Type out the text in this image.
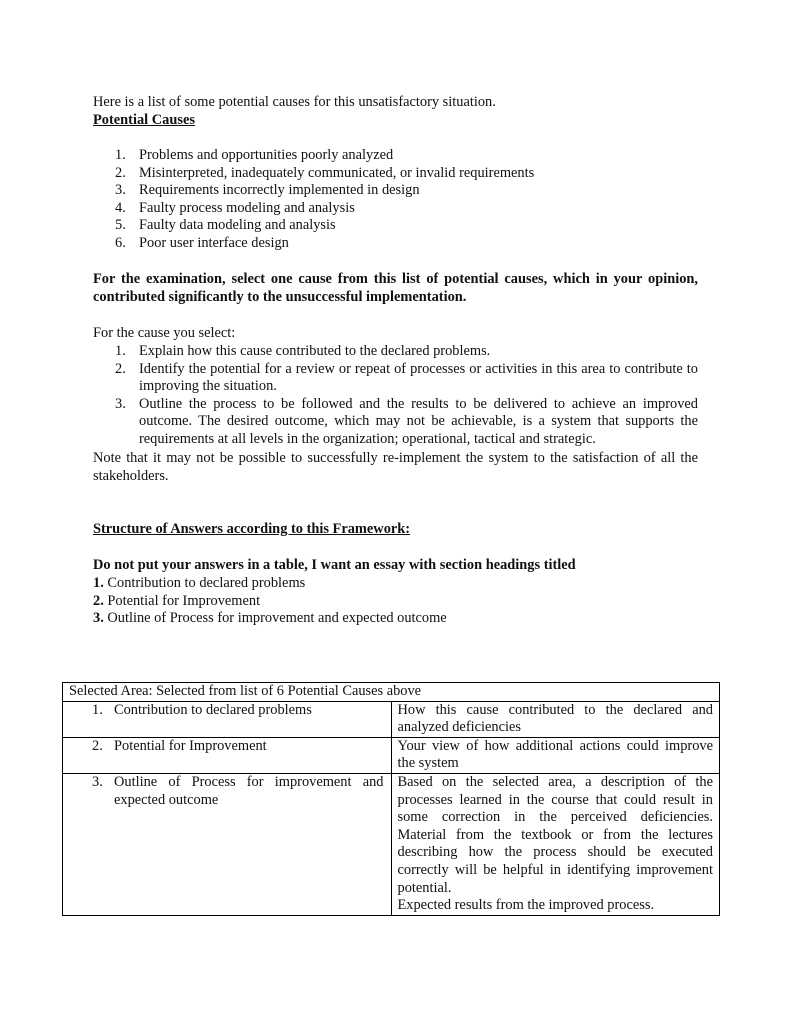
Here is a list of some potential causes for this unsatisfactory situation.

Potential Causes

1. Problems and opportunities poorly analyzed
2. Misinterpreted, inadequately communicated, or invalid requirements
3. Requirements incorrectly implemented in design
4. Faulty process modeling and analysis
5. Faulty data modeling and analysis
6. Poor user interface design

For the examination, select one cause from this list of potential causes, which in your opinion, contributed significantly to the unsuccessful implementation.

For the cause you select:

1. Explain how this cause contributed to the declared problems.
2. Identify the potential for a review or repeat of processes or activities in this area to contribute to improving the situation.
3. Outline the process to be followed and the results to be delivered to achieve an improved outcome. The desired outcome, which may not be achievable, is a system that supports the requirements at all levels in the organization; operational, tactical and strategic.

Note that it may not be possible to successfully re-implement the system to the satisfaction of all the stakeholders.

Structure of Answers according to this Framework:

Do not put your answers in a table, I want an essay with section headings titled

1. Contribution to declared problems

2. Potential for Improvement

3. Outline of Process for improvement and expected outcome

Selected Area: Selected from list of 6 Potential Causes above	

1. Contribution to declared problems	How this cause contributed to the declared and analyzed deficiencies

2. Potential for Improvement	Your view of how additional actions could improve the system

3. Outline of Process for improvement and expected outcome	Based on the selected area, a description of the processes learned in the course that could result in some correction in the perceived deficiencies. Material from the textbook or from the lectures describing how the process should be executed correctly will be helpful in identifying improvement potential.
Expected results from the improved process.
